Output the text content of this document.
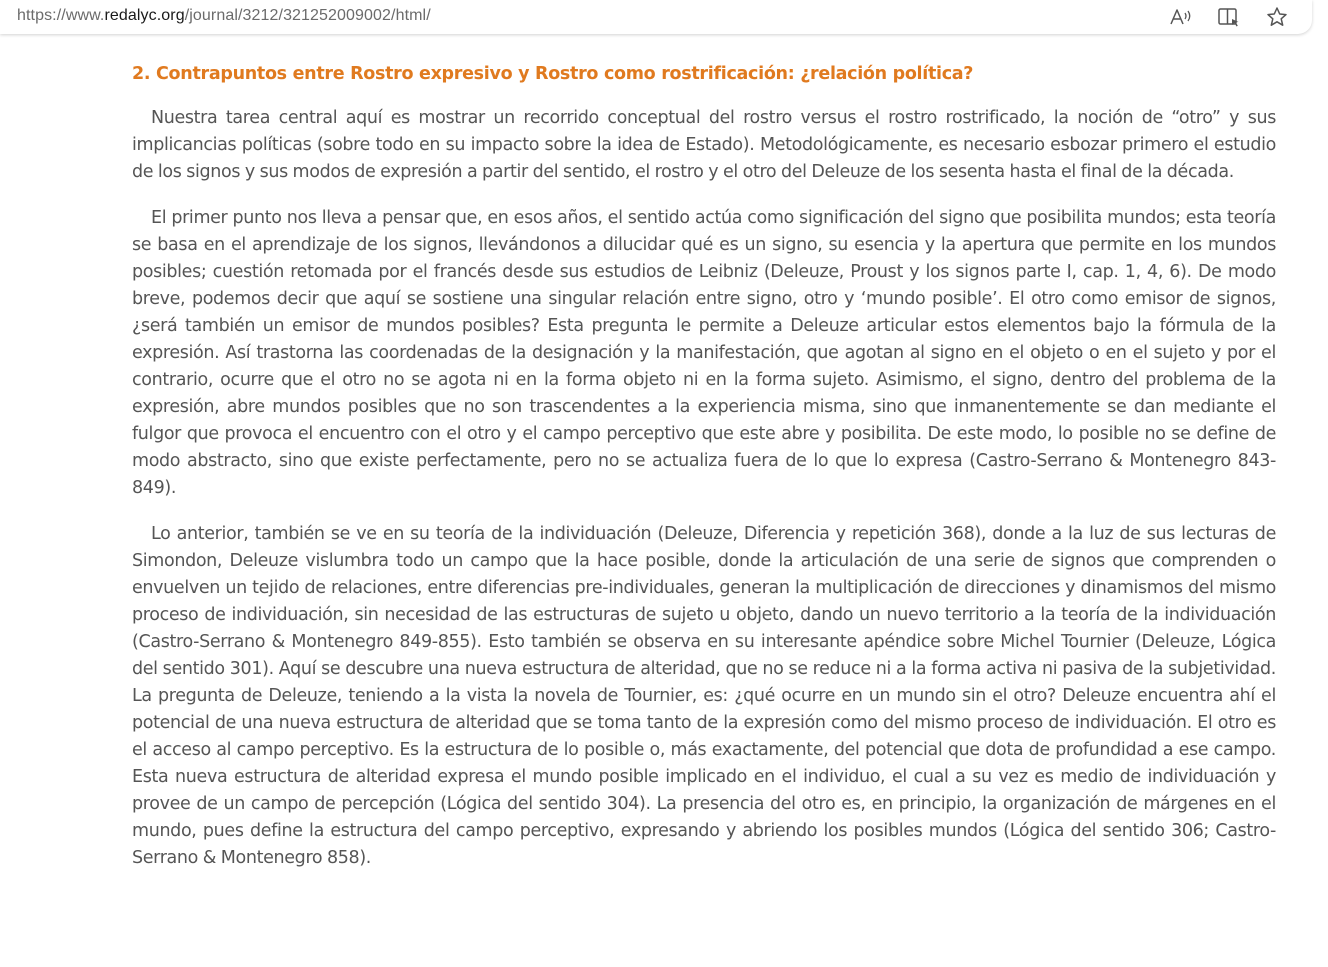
https://www.redalyc.org/journal/3212/321252009002/html/
2. Contrapuntos entre Rostro expresivo y Rostro como rostrificación: ¿relación política?

Nuestra tarea central aquí es mostrar un recorrido conceptual del rostro versus el rostro rostrificado, la noción de “otro” y sus implicancias políticas (sobre todo en su impacto sobre la idea de Estado). Metodológicamente, es necesario esbozar primero el estudio de los signos y sus modos de expresión a partir del sentido, el rostro y el otro del Deleuze de los sesenta hasta el final de la década.

El primer punto nos lleva a pensar que, en esos años, el sentido actúa como significación del signo que posibilita mundos; esta teoría se basa en el aprendizaje de los signos, llevándonos a dilucidar qué es un signo, su esencia y la apertura que permite en los mundos posibles; cuestión retomada por el francés desde sus estudios de Leibniz (Deleuze, Proust y los signos parte I, cap. 1, 4, 6). De modo breve, podemos decir que aquí se sostiene una singular relación entre signo, otro y ‘mundo posible’. El otro como emisor de signos, ¿será también un emisor de mundos posibles? Esta pregunta le permite a Deleuze articular estos elementos bajo la fórmula de la expresión. Así trastorna las coordenadas de la designación y la manifestación, que agotan al signo en el objeto o en el sujeto y por el contrario, ocurre que el otro no se agota ni en la forma objeto ni en la forma sujeto. Asimismo, el signo, dentro del problema de la expresión, abre mundos posibles que no son trascendentes a la experiencia misma, sino que inmanentemente se dan mediante el fulgor que provoca el encuentro con el otro y el campo perceptivo que este abre y posibilita. De este modo, lo posible no se define de modo abstracto, sino que existe perfectamente, pero no se actualiza fuera de lo que lo expresa (Castro-Serrano & Montenegro 843-849).

Lo anterior, también se ve en su teoría de la individuación (Deleuze, Diferencia y repetición 368), donde a la luz de sus lecturas de Simondon, Deleuze vislumbra todo un campo que la hace posible, donde la articulación de una serie de signos que comprenden o envuelven un tejido de relaciones, entre diferencias pre-individuales, generan la multiplicación de direcciones y dinamismos del mismo proceso de individuación, sin necesidad de las estructuras de sujeto u objeto, dando un nuevo territorio a la teoría de la individuación (Castro-Serrano & Montenegro 849-855). Esto también se observa en su interesante apéndice sobre Michel Tournier (Deleuze, Lógica del sentido 301). Aquí se descubre una nueva estructura de alteridad, que no se reduce ni a la forma activa ni pasiva de la subjetividad. La pregunta de Deleuze, teniendo a la vista la novela de Tournier, es: ¿qué ocurre en un mundo sin el otro? Deleuze encuentra ahí el potencial de una nueva estructura de alteridad que se toma tanto de la expresión como del mismo proceso de individuación. El otro es el acceso al campo perceptivo. Es la estructura de lo posible o, más exactamente, del potencial que dota de profundidad a ese campo. Esta nueva estructura de alteridad expresa el mundo posible implicado en el individuo, el cual a su vez es medio de individuación y provee de un campo de percepción (Lógica del sentido 304). La presencia del otro es, en principio, la organización de márgenes en el mundo, pues define la estructura del campo perceptivo, expresando y abriendo los posibles mundos (Lógica del sentido 306; Castro-Serrano & Montenegro 858).
